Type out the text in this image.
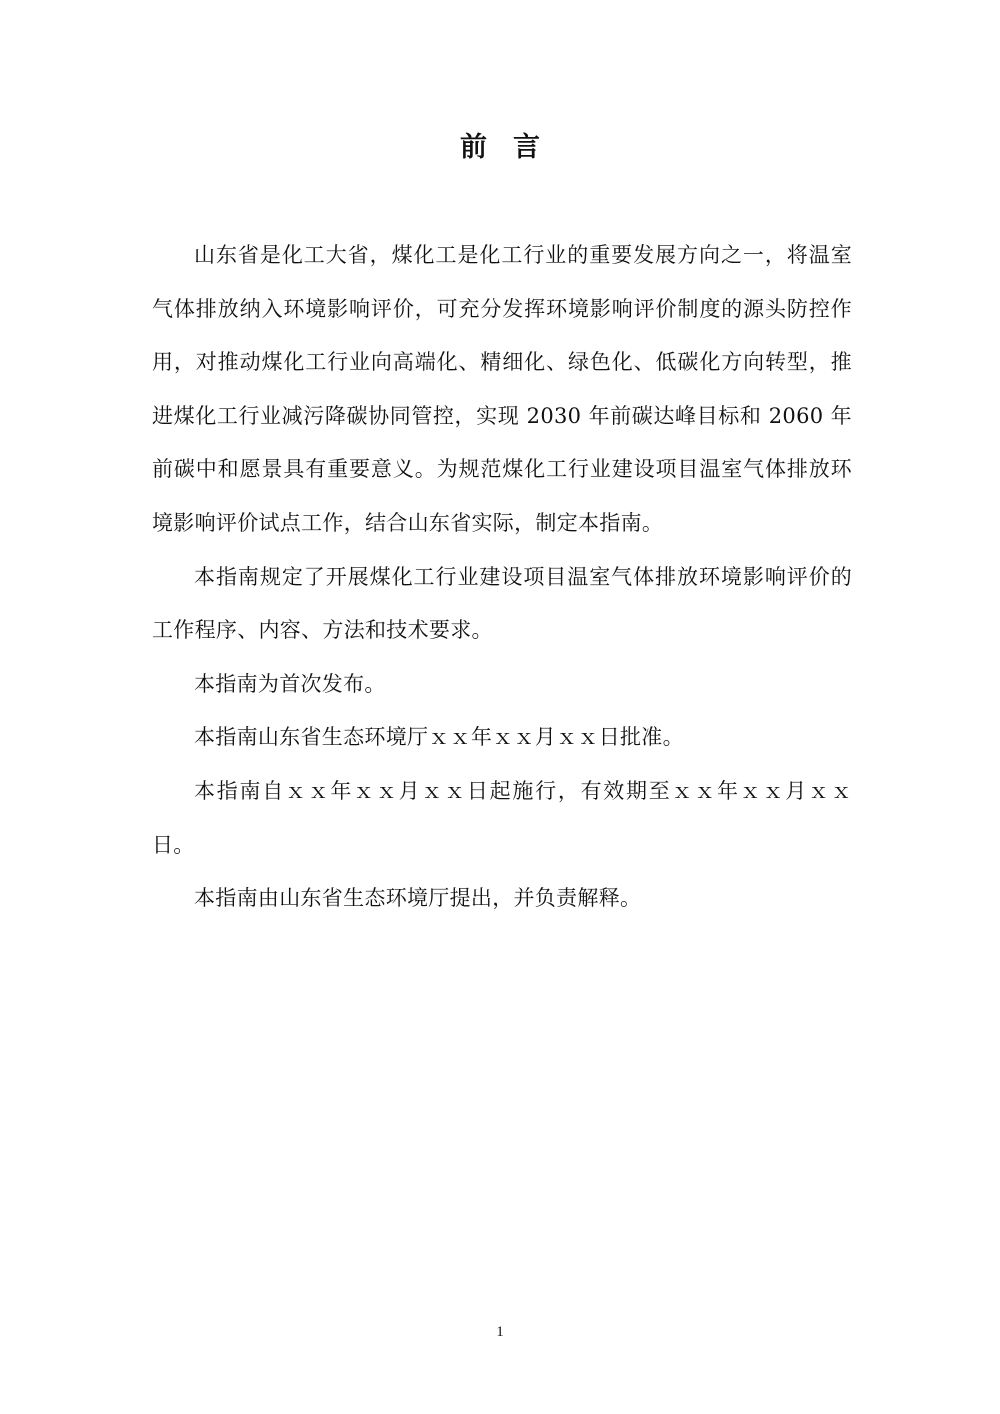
前言

山东省是化工大省，煤化工是化工行业的重要发展方向之一，将温室气体排放纳入环境影响评价，可充分发挥环境影响评价制度的源头防控作用，对推动煤化工行业向高端化、精细化、绿色化、低碳化方向转型，推进煤化工行业减污降碳协同管控，实现 2030 年前碳达峰目标和 2060 年前碳中和愿景具有重要意义。为规范煤化工行业建设项目温室气体排放环境影响评价试点工作，结合山东省实际，制定本指南。

本指南规定了开展煤化工行业建设项目温室气体排放环境影响评价的工作程序、内容、方法和技术要求。

本指南为首次发布。

本指南山东省生态环境厅ｘｘ年ｘｘ月ｘｘ日批准。

本指南自ｘｘ年ｘｘ月ｘｘ日起施行，有效期至ｘｘ年ｘｘ月ｘｘ日。

本指南由山东省生态环境厅提出，并负责解释。

1
